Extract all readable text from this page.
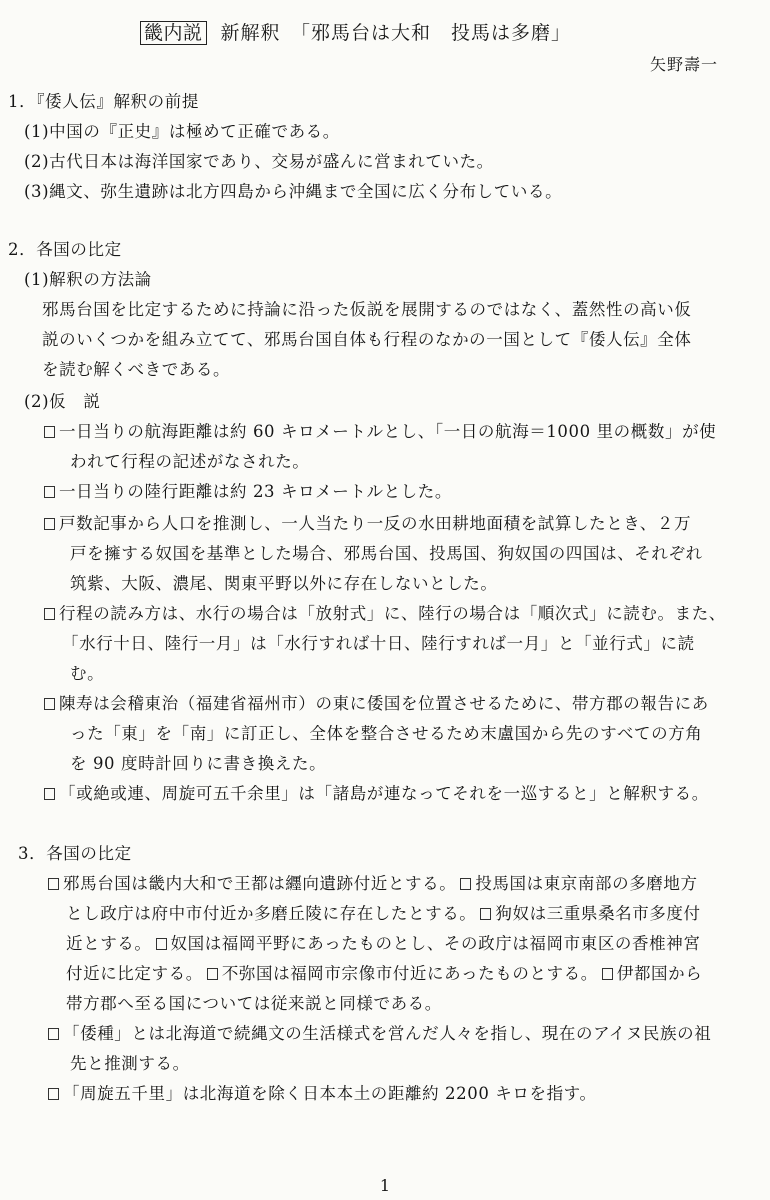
畿内説 新解釈　「邪馬台は大和　投馬は多磨」
矢野壽一
1．『倭人伝』解釈の前提
(1)中国の『正史』は極めて正確である。
(2)古代日本は海洋国家であり、交易が盛んに営まれていた。
(3)縄文、弥生遺跡は北方四島から沖縄まで全国に広く分布している。
2．各国の比定
(1)解釈の方法論
邪馬台国を比定するために持論に沿った仮説を展開するのではなく、蓋然性の高い仮
説のいくつかを組み立てて、邪馬台国自体も行程のなかの一国として『倭人伝』全体
を読む解くべきである。
(2)仮　説
一日当りの航海距離は約 60 キロメートルとし、「一日の航海＝1000 里の概数」が使
われて行程の記述がなされた。
一日当りの陸行距離は約 23 キロメートルとした。
戸数記事から人口を推測し、一人当たり一反の水田耕地面積を試算したとき、２万
戸を擁する奴国を基準とした場合、邪馬台国、投馬国、狗奴国の四国は、それぞれ
筑紫、大阪、濃尾、関東平野以外に存在しないとした。
行程の読み方は、水行の場合は「放射式」に、陸行の場合は「順次式」に読む。また、
「水行十日、陸行一月」は「水行すれば十日、陸行すれば一月」と「並行式」に読
む。
陳寿は会稽東治（福建省福州市）の東に倭国を位置させるために、帯方郡の報告にあ
った「東」を「南」に訂正し、全体を整合させるため末盧国から先のすべての方角
を 90 度時計回りに書き換えた。
「或絶或連、周旋可五千余里」は「諸島が連なってそれを一巡すると」と解釈する。
3．各国の比定
邪馬台国は畿内大和で王都は纒向遺跡付近とする。 投馬国は東京南部の多磨地方
とし政庁は府中市付近か多磨丘陵に存在したとする。 狗奴は三重県桑名市多度付
近とする。 奴国は福岡平野にあったものとし、その政庁は福岡市東区の香椎神宮
付近に比定する。 不弥国は福岡市宗像市付近にあったものとする。 伊都国から
帯方郡へ至る国については従来説と同様である。
「倭種」とは北海道で続縄文の生活様式を営んだ人々を指し、現在のアイヌ民族の祖
先と推測する。
「周旋五千里」は北海道を除く日本本土の距離約 2200 キロを指す。
1
